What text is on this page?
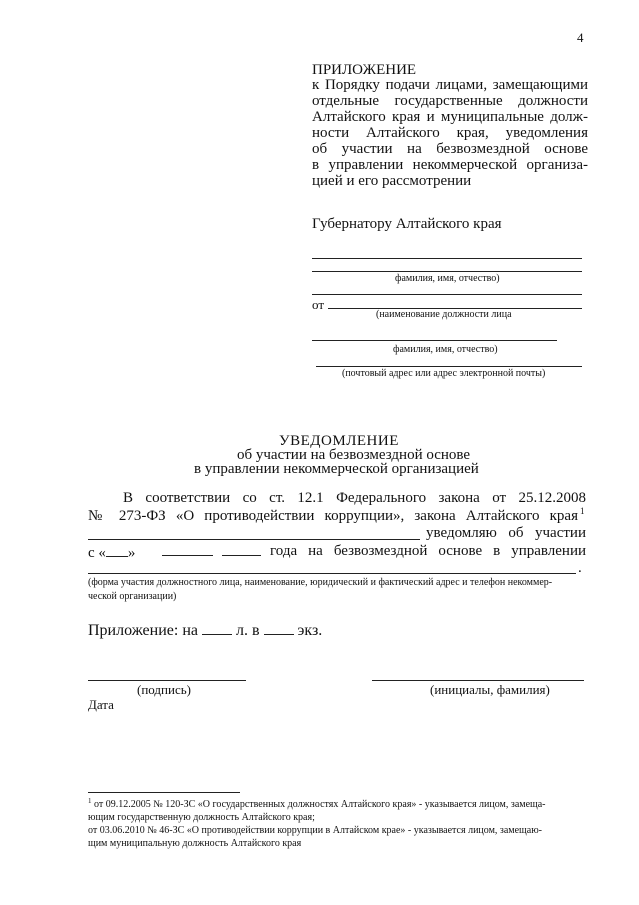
4
ПРИЛОЖЕНИЕ
к Порядку подачи лицами, замещающими
отдельные государственные должности
Алтайского края и муниципальные долж-
ности Алтайского края, уведомления
об участии на безвозмездной основе
в управлении некоммерческой организа-
цией и его рассмотрении
Губернатору Алтайского края
фамилия, имя, отчество)
от
(наименование должности лица
фамилия, имя, отчество)
(почтовый адрес или адрес электронной почты)
УВЕДОМЛЕНИЕ
об участии на безвозмездной основе
в управлении некоммерческой организацией
В соответствии со ст. 12.1 Федерального закона от 25.12.2008
№ 273-ФЗ «О противодействии коррупции», закона Алтайского края 1
уведомляю об участии
с « »	года на безвозмездной основе в управлении
.
(форма участия должностного лица, наименование, юридический и фактический адрес и телефон некоммер-
ческой организации)
Приложение: на л. в экз.
(подпись)	(инициалы, фамилия)
Дата
1 от 09.12.2005 № 120-ЗС «О государственных должностях Алтайского края» - указывается лицом, замеща-
ющим государственную должность Алтайского края;
от 03.06.2010 № 46-ЗС «О противодействии коррупции в Алтайском крае» - указывается лицом, замещаю-
щим муниципальную должность Алтайского края
